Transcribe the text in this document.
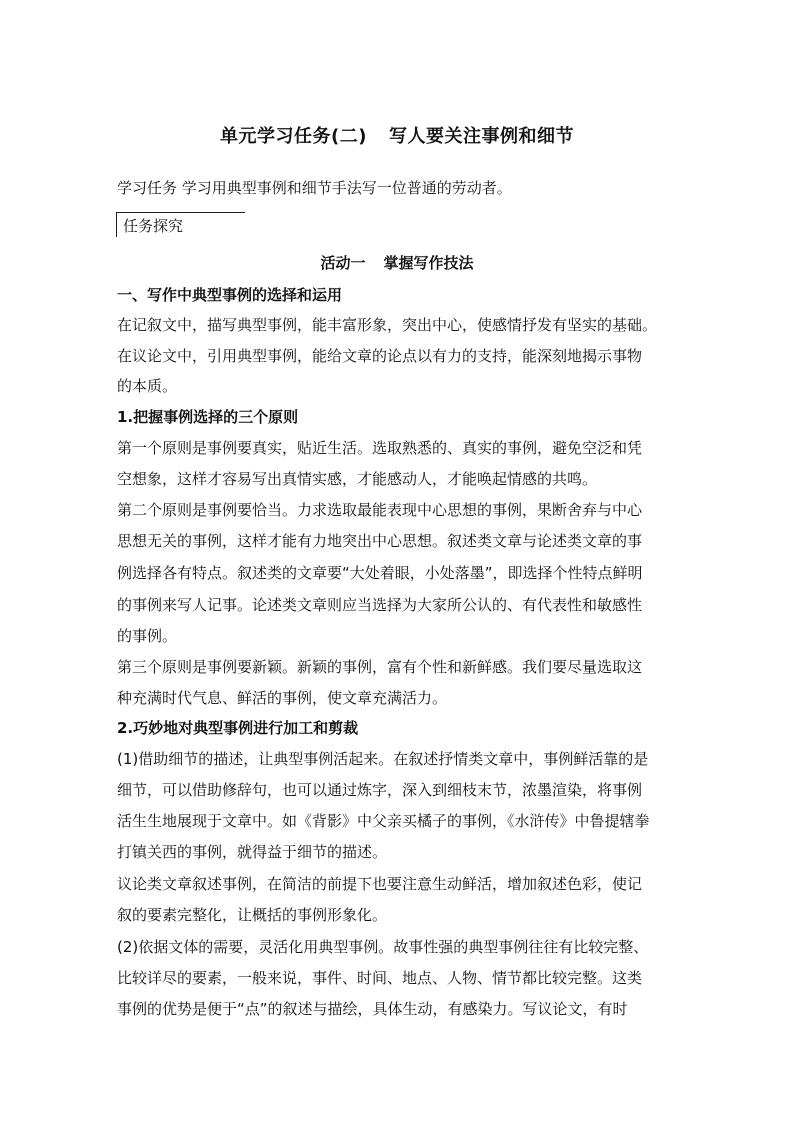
单元学习任务(二) 写人要关注事例和细节
学习任务 学习用典型事例和细节手法写一位普通的劳动者。
任务探究
活动一 掌握写作技法
一、写作中典型事例的选择和运用
在记叙文中，描写典型事例，能丰富形象，突出中心，使感情抒发有坚实的基础。
在议论文中，引用典型事例，能给文章的论点以有力的支持，能深刻地揭示事物
的本质。
1.把握事例选择的三个原则
第一个原则是事例要真实，贴近生活。选取熟悉的、真实的事例，避免空泛和凭
空想象，这样才容易写出真情实感，才能感动人，才能唤起情感的共鸣。
第二个原则是事例要恰当。力求选取最能表现中心思想的事例，果断舍弃与中心
思想无关的事例，这样才能有力地突出中心思想。叙述类文章与论述类文章的事
例选择各有特点。叙述类的文章要“大处着眼，小处落墨”，即选择个性特点鲜明
的事例来写人记事。论述类文章则应当选择为大家所公认的、有代表性和敏感性
的事例。
第三个原则是事例要新颖。新颖的事例，富有个性和新鲜感。我们要尽量选取这
种充满时代气息、鲜活的事例，使文章充满活力。
2.巧妙地对典型事例进行加工和剪裁
(1)借助细节的描述，让典型事例活起来。在叙述抒情类文章中，事例鲜活靠的是
细节，可以借助修辞句，也可以通过炼字，深入到细枝末节，浓墨渲染，将事例
活生生地展现于文章中。如《背影》中父亲买橘子的事例，《水浒传》中鲁提辖拳
打镇关西的事例，就得益于细节的描述。
议论类文章叙述事例，在简洁的前提下也要注意生动鲜活，增加叙述色彩，使记
叙的要素完整化，让概括的事例形象化。
(2)依据文体的需要，灵活化用典型事例。故事性强的典型事例往往有比较完整、
比较详尽的要素，一般来说，事件、时间、地点、人物、情节都比较完整。这类
事例的优势是便于“点”的叙述与描绘，具体生动，有感染力。写议论文，有时
